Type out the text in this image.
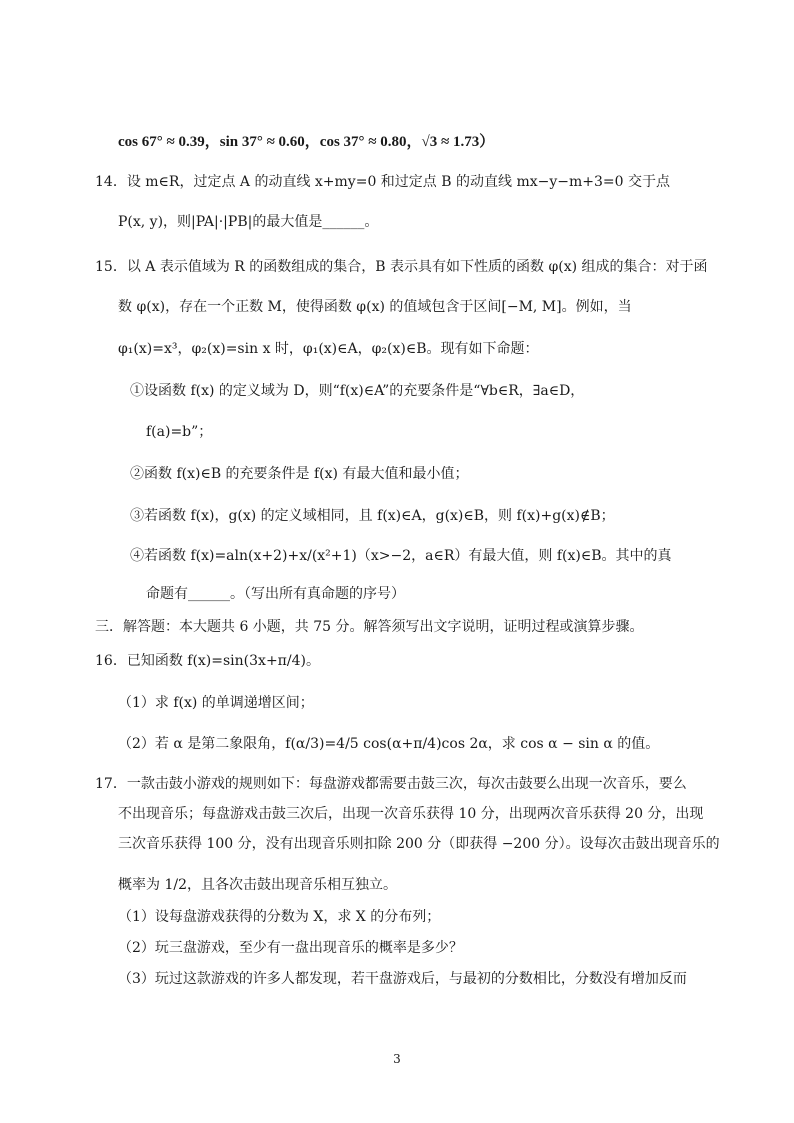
cos 67° ≈ 0.39，sin 37° ≈ 0.60，cos 37° ≈ 0.80，√3 ≈ 1.73）
14．设 m∈R，过定点 A 的动直线 x+my=0 和过定点 B 的动直线 mx−y−m+3=0 交于点
P(x, y)，则|PA|·|PB|的最大值是______。
15．以 A 表示值域为 R 的函数组成的集合，B 表示具有如下性质的函数 φ(x) 组成的集合：对于函
数 φ(x)，存在一个正数 M，使得函数 φ(x) 的值域包含于区间[−M, M]。例如，当
φ₁(x)=x³，φ₂(x)=sin x 时，φ₁(x)∈A，φ₂(x)∈B。现有如下命题：
①设函数 f(x) 的定义域为 D，则“f(x)∈A”的充要条件是“∀b∈R，∃a∈D，
f(a)=b”；
②函数 f(x)∈B 的充要条件是 f(x) 有最大值和最小值；
③若函数 f(x)，g(x) 的定义域相同，且 f(x)∈A，g(x)∈B，则 f(x)+g(x)∉B；
④若函数 f(x)=aln(x+2)+x/(x²+1)（x>−2，a∈R）有最大值，则 f(x)∈B。其中的真
命题有______。（写出所有真命题的序号）
三．解答题：本大题共 6 小题，共 75 分。解答须写出文字说明，证明过程或演算步骤。
16．已知函数 f(x)=sin(3x+π/4)。
（1）求 f(x) 的单调递增区间；
（2）若 α 是第二象限角，f(α/3)=4/5 cos(α+π/4)cos 2α，求 cos α − sin α 的值。
17．一款击鼓小游戏的规则如下：每盘游戏都需要击鼓三次，每次击鼓要么出现一次音乐，要么
不出现音乐；每盘游戏击鼓三次后，出现一次音乐获得 10 分，出现两次音乐获得 20 分，出现
三次音乐获得 100 分，没有出现音乐则扣除 200 分（即获得 −200 分）。设每次击鼓出现音乐的
概率为 1/2，且各次击鼓出现音乐相互独立。
（1）设每盘游戏获得的分数为 X，求 X 的分布列；
（2）玩三盘游戏，至少有一盘出现音乐的概率是多少？
（3）玩过这款游戏的许多人都发现，若干盘游戏后，与最初的分数相比，分数没有增加反而
3
